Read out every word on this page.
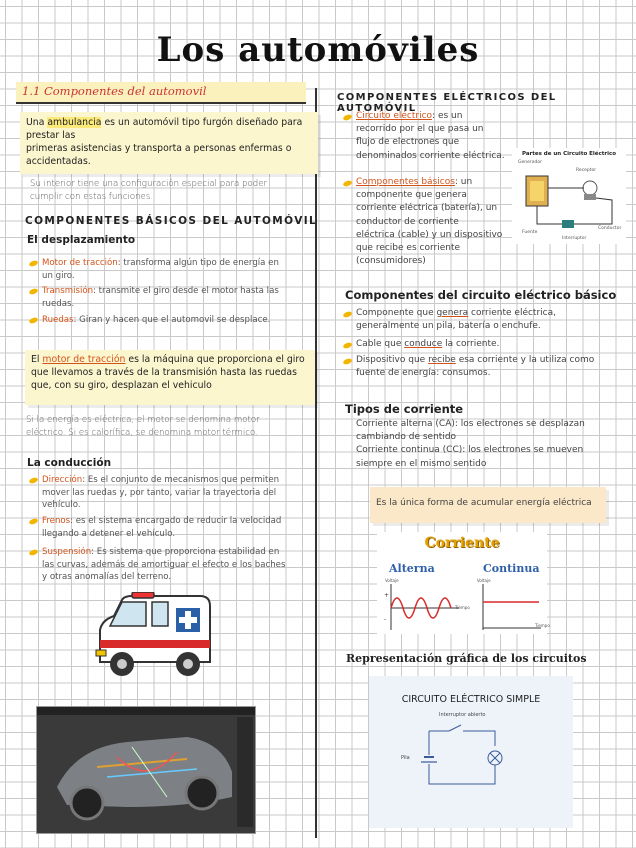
Los automóviles
1.1 Componentes del automovil
Una ambulancia es un automóvil tipo furgón diseñado para prestar las
primeras asistencias y transporta a personas enfermas o
accidentadas.
Su interior tiene una configuración especial para poder
cumplir con estas funciones.
COMPONENTES BÁSICOS DEL AUTOMÓVIL
El desplazamiento
Motor de tracción: transforma algún tipo de energía en
un giro.
Transmisión: transmite el giro desde el motor hasta las
ruedas.
Ruedas: Giran y hacen que el automovil se desplace.
El motor de tracción es la máquina que proporciona el giro
que llevamos a través de la transmisión hasta las ruedas
que, con su giro, desplazan el vehiculo
Si la energía es eléctrica, el motor se denomina motor
eléctrico. Si es calorífica, se denomina motor térmico.
La conducción
Dirección: Es el conjunto de mecanismos que permiten
mover las ruedas y, por tanto, variar la trayectoria del
vehículo.
Frenos: es el sistema encargado de reducir la velocidad
llegando a detener el vehículo.
Suspensión: Es sistema que proporciona estabilidad en
las curvas, además de amortiguar el efecto e los baches
y otras anomalías del terreno.
COMPONENTES ELÉCTRICOS DEL AUTOMÓVIL
Circuito eléctrico: es un
recorrido por el que pasa un
flujo de electrones que
denominados corriente eléctrica.
Componentes básicos: un
componente que genera
corriente eléctrica (batería), un
conductor de corriente
eléctrica (cable) y un dispositivo
que recibe es corriente
(consumidores)
Partes de un Circuito Eléctrico
Generador
Receptor
Fuente
Interruptor
Conductor
Componentes del circuito eléctrico básico
Componente que genera corriente eléctrica,
generalmente un pila, batería o enchufe.
Cable que conduce la corriente.
Dispositivo que recibe esa corriente y la utiliza como
fuente de energía: consumos.
Tipos de corriente
Corriente alterna (CA): los electrones se desplazan
cambiando de sentido
Corriente continua (CC): los electrones se mueven
siempre en el mismo sentido
Es la única forma de acumular energía eléctrica
Corriente
Alterna	Continua
Voltaje	Voltaje
Tiempo
Tiempo
+
-
Representación gráfica de los circuitos
CIRCUITO ELÉCTRICO SIMPLE
Interruptor abierto
Pila
